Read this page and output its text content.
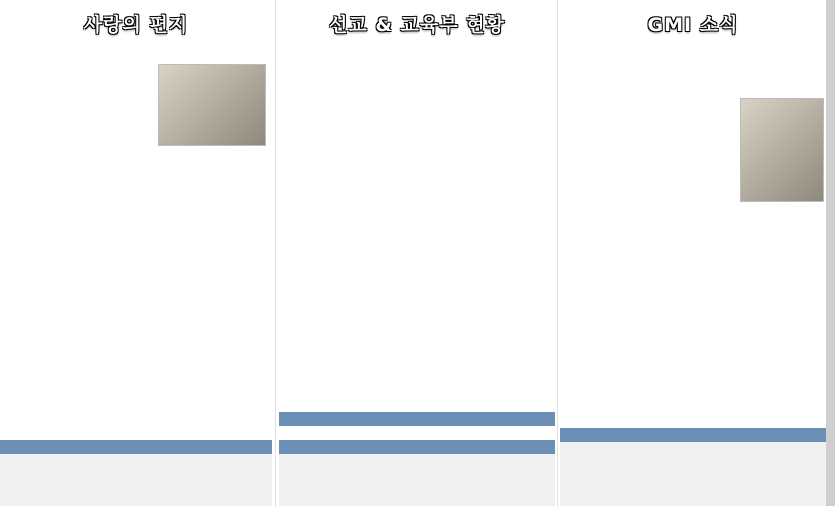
사랑의 편지	선교 & 교육부 현황	GMI 소식
